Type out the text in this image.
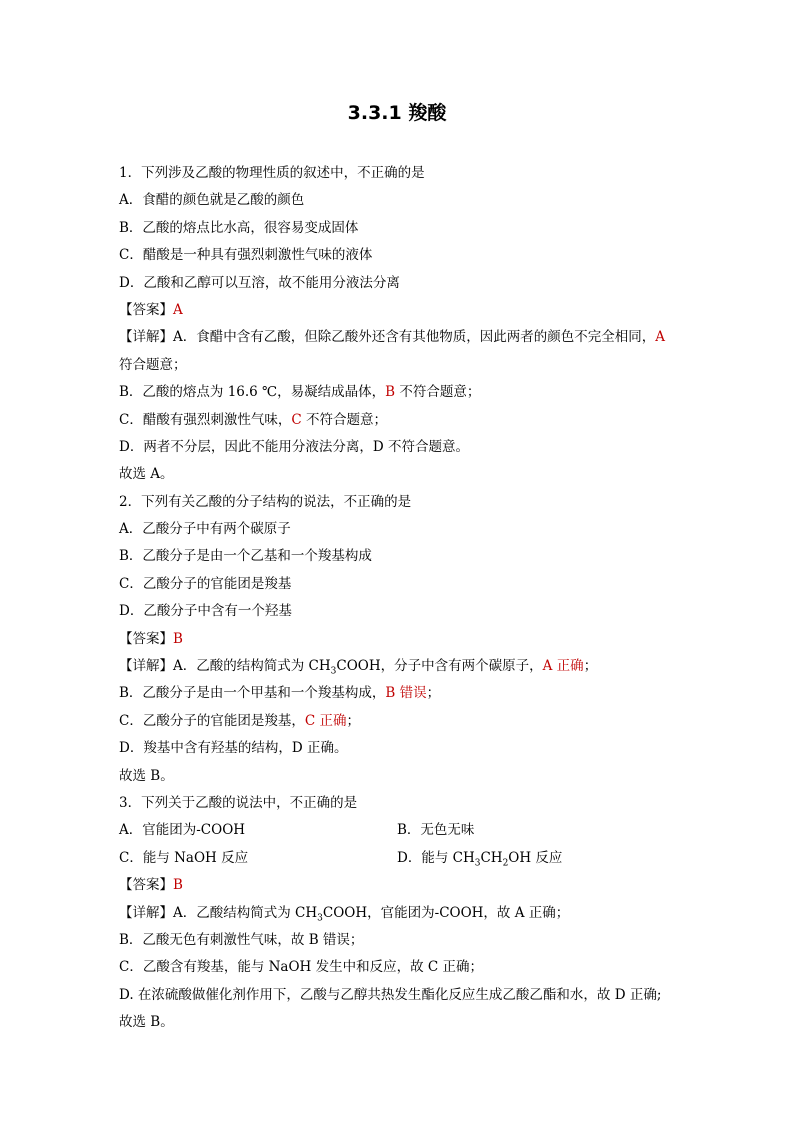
3.3.1 羧酸
1．下列涉及乙酸的物理性质的叙述中，不正确的是
A．食醋的颜色就是乙酸的颜色
B．乙酸的熔点比水高，很容易变成固体
C．醋酸是一种具有强烈刺激性气味的液体
D．乙酸和乙醇可以互溶，故不能用分液法分离
【答案】A
【详解】A．食醋中含有乙酸，但除乙酸外还含有其他物质，因此两者的颜色不完全相同，A
符合题意；
B．乙酸的熔点为 16.6 ℃，易凝结成晶体，B 不符合题意；
C．醋酸有强烈刺激性气味，C 不符合题意；
D．两者不分层，因此不能用分液法分离，D 不符合题意。
故选 A。
2．下列有关乙酸的分子结构的说法，不正确的是
A．乙酸分子中有两个碳原子
B．乙酸分子是由一个乙基和一个羧基构成
C．乙酸分子的官能团是羧基
D．乙酸分子中含有一个羟基
【答案】B
【详解】A．乙酸的结构简式为 $CH_3COOH$，分子中含有两个碳原子，A 正确；
B．乙酸分子是由一个甲基和一个羧基构成，B 错误；
C．乙酸分子的官能团是羧基，C 正确；
D．羧基中含有羟基的结构，D 正确。
故选 B。
3．下列关于乙酸的说法中，不正确的是
A．官能团为-COOH	B．无色无味
C．能与 NaOH 反应	D．能与 $CH_3CH_2OH$ 反应
【答案】B
【详解】A．乙酸结构简式为 $CH_3COOH$，官能团为-COOH，故 A 正确；
B．乙酸无色有刺激性气味，故 B 错误；
C．乙酸含有羧基，能与 NaOH 发生中和反应，故 C 正确；
D. 在浓硫酸做催化剂作用下，乙酸与乙醇共热发生酯化反应生成乙酸乙酯和水，故 D 正确;
故选 B。
